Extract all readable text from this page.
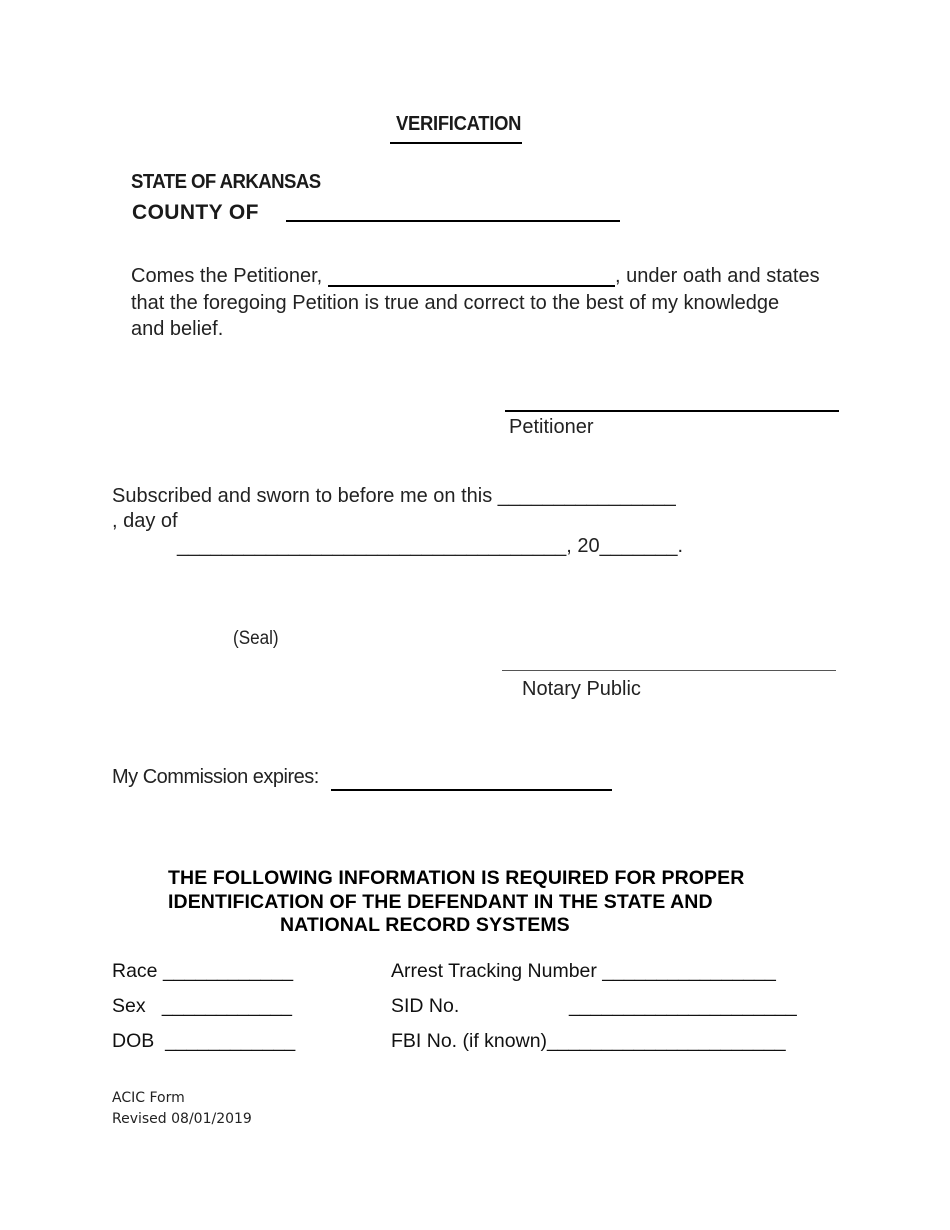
VERIFICATION
STATE OF ARKANSAS
COUNTY OF
Comes the Petitioner,	, under oath and states
that the foregoing Petition is true and correct to the best of my knowledge
and belief.
Petitioner
Subscribed and sworn to before me on this ________________
, day of
___________________________________, 20_______.
(Seal)
Notary Public
My Commission expires:
THE FOLLOWING INFORMATION IS REQUIRED FOR PROPER
IDENTIFICATION OF THE DEFENDANT IN THE STATE AND
NATIONAL RECORD SYSTEMS
Race ____________
Sex   ____________
DOB  ____________
Arrest Tracking Number ________________
SID No.	_____________________
FBI No. (if known)______________________
ACIC Form
Revised 08/01/2019
